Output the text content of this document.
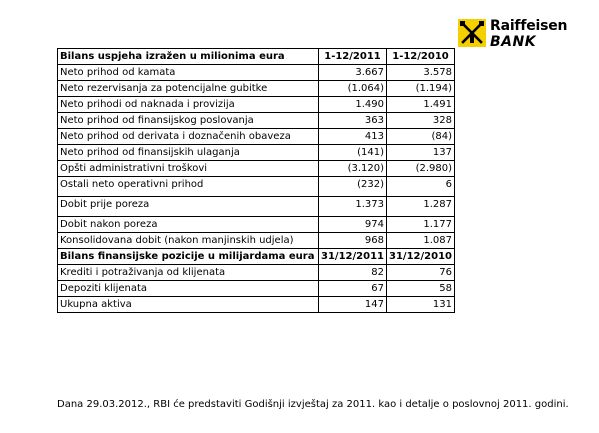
Raiffeisen
BANK
Bilans uspjeha izražen u milionima eura	1-12/2011	1-12/2010
Neto prihod od kamata	3.667	3.578
Neto rezervisanja za potencijalne gubitke	(1.064)	(1.194)
Neto prihodi od naknada i provizija	1.490	1.491
Neto prihod od finansijskog poslovanja	363	328
Neto prihod od derivata i doznačenih obaveza	413	(84)
Neto prihod od finansijskih ulaganja	(141)	137
Opšti administrativni troškovi	(3.120)	(2.980)
Ostali neto operativni prihod	(232)	6
Dobit prije poreza	1.373	1.287
Dobit nakon poreza	974	1.177
Konsolidovana dobit (nakon manjinskih udjela)	968	1.087
Bilans finansijske pozicije u milijardama eura	31/12/2011	31/12/2010
Krediti i potraživanja od klijenata	82	76
Depoziti klijenata	67	58
Ukupna aktiva	147	131
Dana 29.03.2012., RBI će predstaviti Godišnji izvještaj za 2011. kao i detalje o poslovnoj 2011. godini.
